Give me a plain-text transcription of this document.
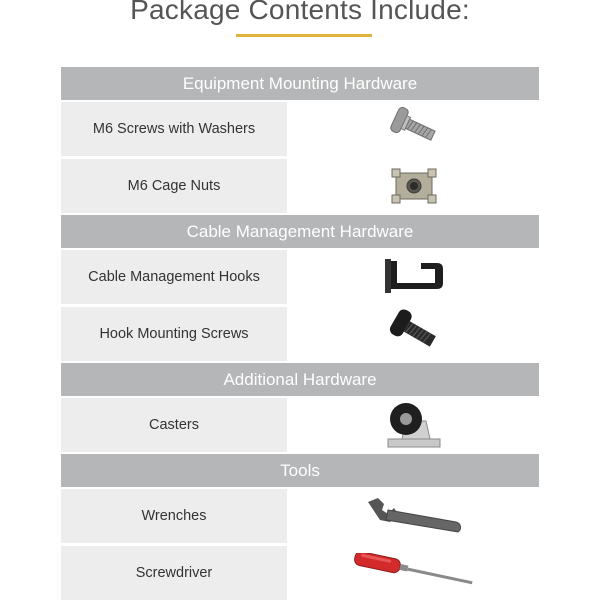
Package Contents Include:
Equipment Mounting Hardware
M6 Screws with Washers
M6 Cage Nuts
Cable Management Hardware
Cable Management Hooks
Hook Mounting Screws
Additional Hardware
Casters
Tools
Wrenches
Screwdriver
